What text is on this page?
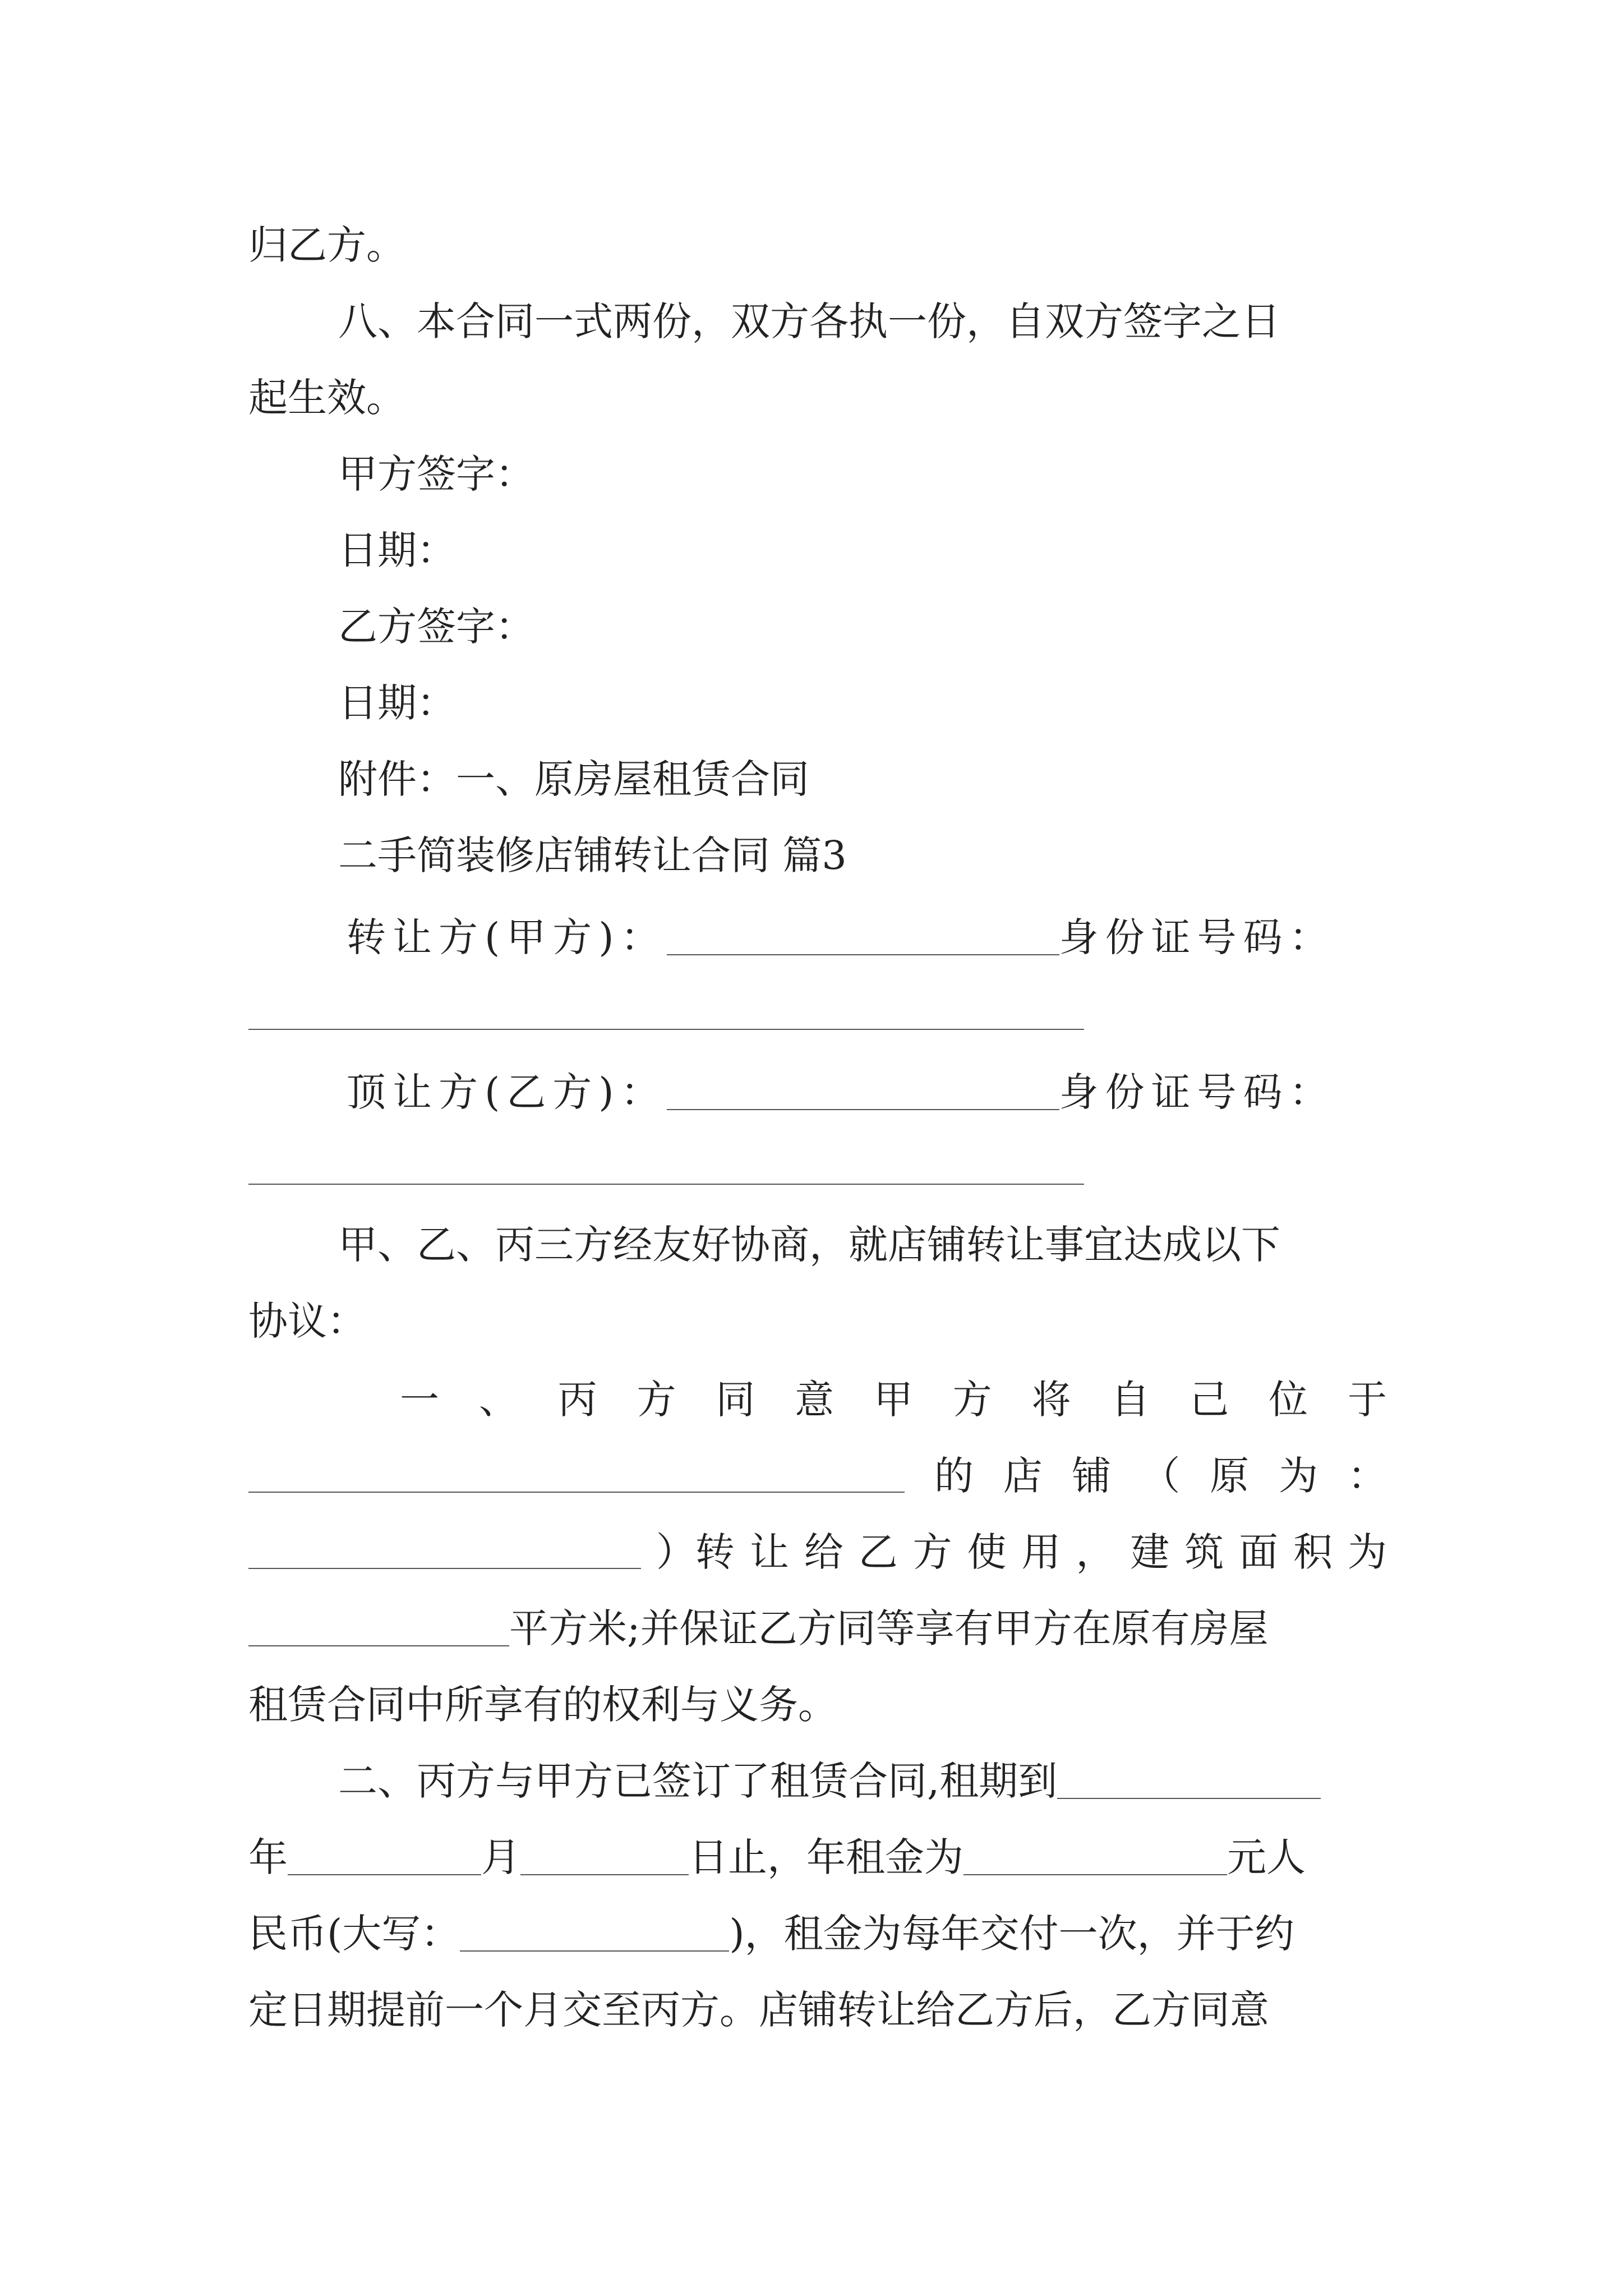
归乙方。

八、本合同一式两份，双方各执一份，自双方签字之日

起生效。

甲方签字：

日期：

乙方签字：

日期：

附件：一、原房屋租赁合同

二手简装修店铺转让合同 篇3

转让方(甲方)：	身份证号码：
顶让方(乙方)：	身份证号码：

甲、乙、丙三方经友好协商，就店铺转让事宜达成以下

协议：

一 、 丙 方 同 意 甲 方 将 自 己 位 于
的 店 铺 （ 原 为 ：
）转 让 给 乙 方 使 用 ， 建 筑 面 积 为
平方米;并保证乙方同等享有甲方在原有房屋

租赁合同中所享有的权利与义务。

二、丙方与甲方已签订了租赁合同,租期到
年	月	日止，年租金为	元人
民币(大写：	)，租金为每年交付一次，并于约

定日期提前一个月交至丙方。店铺转让给乙方后，乙方同意
